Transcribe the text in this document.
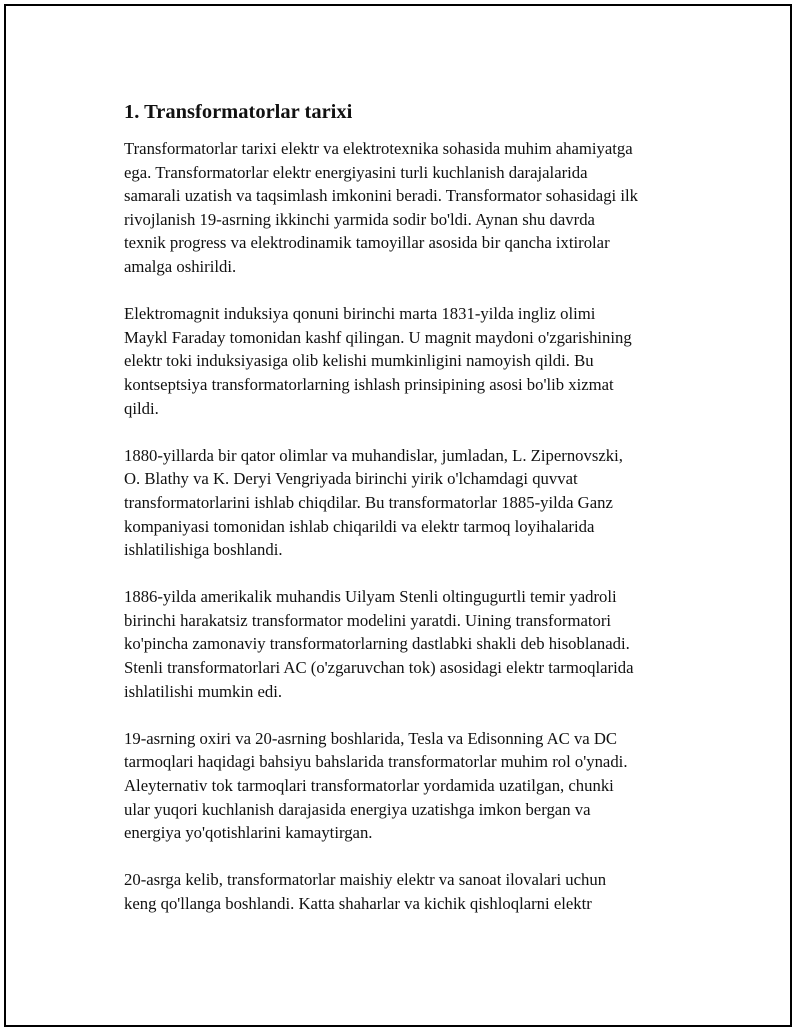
1. Transformatorlar tarixi

Transformatorlar tarixi elektr va elektrotexnika sohasida muhim ahamiyatga
ega. Transformatorlar elektr energiyasini turli kuchlanish darajalarida
samarali uzatish va taqsimlash imkonini beradi. Transformator sohasidagi ilk
rivojlanish 19-asrning ikkinchi yarmida sodir bo'ldi. Aynan shu davrda
texnik progress va elektrodinamik tamoyillar asosida bir qancha ixtirolar
amalga oshirildi.

Elektromagnit induksiya qonuni birinchi marta 1831-yilda ingliz olimi
Maykl Faraday tomonidan kashf qilingan. U magnit maydoni o'zgarishining
elektr toki induksiyasiga olib kelishi mumkinligini namoyish qildi. Bu
kontseptsiya transformatorlarning ishlash prinsipining asosi bo'lib xizmat
qildi.

1880-yillarda bir qator olimlar va muhandislar, jumladan, L. Zipernovszki,
O. Blathy va K. Deryi Vengriyada birinchi yirik o'lchamdagi quvvat
transformatorlarini ishlab chiqdilar. Bu transformatorlar 1885-yilda Ganz
kompaniyasi tomonidan ishlab chiqarildi va elektr tarmoq loyihalarida
ishlatilishiga boshlandi.

1886-yilda amerikalik muhandis Uilyam Stenli oltingugurtli temir yadroli
birinchi harakatsiz transformator modelini yaratdi. Uining transformatori
ko'pincha zamonaviy transformatorlarning dastlabki shakli deb hisoblanadi.
Stenli transformatorlari AC (o'zgaruvchan tok) asosidagi elektr tarmoqlarida
ishlatilishi mumkin edi.

19-asrning oxiri va 20-asrning boshlarida, Tesla va Edisonning AC va DC
tarmoqlari haqidagi bahsiyu bahslarida transformatorlar muhim rol o'ynadi.
Aleyternativ tok tarmoqlari transformatorlar yordamida uzatilgan, chunki
ular yuqori kuchlanish darajasida energiya uzatishga imkon bergan va
energiya yo'qotishlarini kamaytirgan.

20-asrga kelib, transformatorlar maishiy elektr va sanoat ilovalari uchun
keng qo'llanga boshlandi. Katta shaharlar va kichik qishloqlarni elektr
